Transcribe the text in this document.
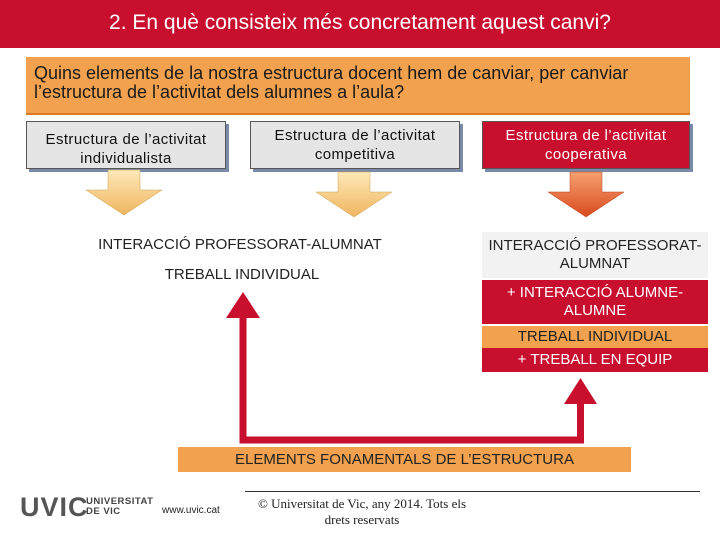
2. En què consisteix més concretament aquest canvi?
Quins elements de la nostra estructura docent hem de canviar, per canviar l’estructura de l’activitat dels alumnes a l’aula?
Estructura de l’activitat individualista
Estructura de l’activitat competitiva
Estructura de l’activitat cooperativa
INTERACCIÓ PROFESSORAT-ALUMNAT
TREBALL INDIVIDUAL
INTERACCIÓ PROFESSORAT-ALUMNAT
+ INTERACCIÓ ALUMNE-ALUMNE
TREBALL INDIVIDUAL
+ TREBALL EN EQUIP
ELEMENTS FONAMENTALS DE L’ESTRUCTURA
UVIC
UNIVERSITAT
DE VIC	www.uvic.cat	© Universitat de Vic, any 2014. Tots els drets reservats
